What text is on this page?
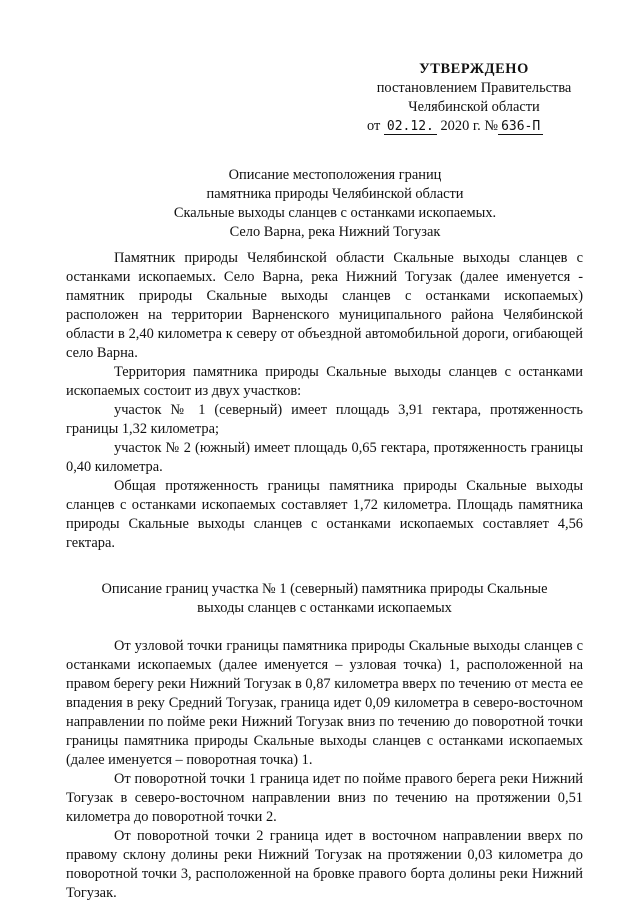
УТВЕРЖДЕНО
постановлением Правительства
Челябинской области
от 02.12. 2020 г. № 636-П
Описание местоположения границ
памятника природы Челябинской области
Скальные выходы сланцев с останками ископаемых.
Село Варна, река Нижний Тогузак

Памятник природы Челябинской области Скальные выходы сланцев с останками ископаемых. Село Варна, река Нижний Тогузак (далее именуется - памятник природы Скальные выходы сланцев с останками ископаемых) расположен на территории Варненского муниципального района Челябинской области в 2,40 километра к северу от объездной автомобильной дороги, огибающей село Варна.

Территория памятника природы Скальные выходы сланцев с останками ископаемых состоит из двух участков:

участок № 1 (северный) имеет площадь 3,91 гектара, протяженность границы 1,32 километра;

участок № 2 (южный) имеет площадь 0,65 гектара, протяженность границы 0,40 километра.

Общая протяженность границы памятника природы Скальные выходы сланцев с останками ископаемых составляет 1,72 километра. Площадь памятника природы Скальные выходы сланцев с останками ископаемых составляет 4,56 гектара.

Описание границ участка № 1 (северный) памятника природы Скальные
выходы сланцев с останками ископаемых

От узловой точки границы памятника природы Скальные выходы сланцев с останками ископаемых (далее именуется – узловая точка) 1, расположенной на правом берегу реки Нижний Тогузак в 0,87 километра вверх по течению от места ее впадения в реку Средний Тогузак, граница идет 0,09 километра в северо-восточном направлении по пойме реки Нижний Тогузак вниз по течению до поворотной точки границы памятника природы Скальные выходы сланцев с останками ископаемых (далее именуется – поворотная точка) 1.

От поворотной точки 1 граница идет по пойме правого берега реки Нижний Тогузак в северо-восточном направлении вниз по течению на протяжении 0,51 километра до поворотной точки 2.

От поворотной точки 2 граница идет в восточном направлении вверх по правому склону долины реки Нижний Тогузак на протяжении 0,03 километра до поворотной точки 3, расположенной на бровке правого борта долины реки Нижний Тогузак.
